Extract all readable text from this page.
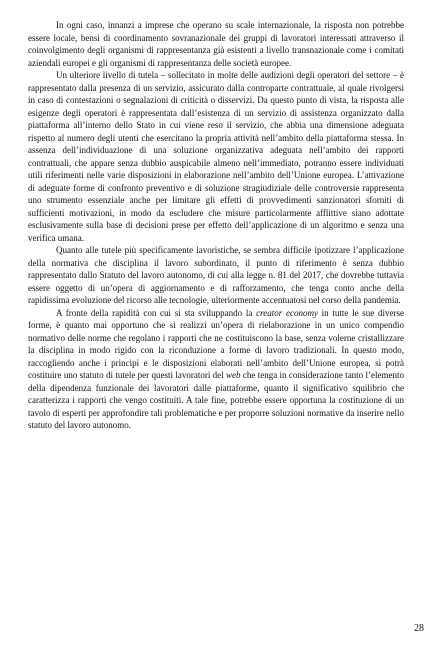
In ogni caso, innanzi a imprese che operano su scale internazionale, la risposta non potrebbe essere locale, bensì di coordinamento sovranazionale dei gruppi di lavoratori interessati attraverso il coinvolgimento degli organismi di rappresentanza già esistenti a livello transnazionale come i comitati aziendali europei e gli organismi di rappresentanza delle società europee.

Un ulteriore livello di tutela – sollecitato in molte delle audizioni degli operatori del settore – è rappresentato dalla presenza di un servizio, assicurato dalla controparte contrattuale, al quale rivolgersi in caso di contestazioni o segnalazioni di criticità o disservizi. Da questo punto di vista, la risposta alle esigenze degli operatori è rappresentata dall’esistenza di un servizio di assistenza organizzato dalla piattaforma all’interno dello Stato in cui viene reso il servizio, che abbia una dimensione adeguata rispetto al numero degli utenti che esercitano la propria attività nell’ambito della piattaforma stessa. In assenza dell’individuazione di una soluzione organizzativa adeguata nell’ambito dei rapporti contrattuali, che appare senza dubbio auspicabile almeno nell’immediato, potranno essere individuati utili riferimenti nelle varie disposizioni in elaborazione nell’ambito dell’Unione europea. L’attivazione di adeguate forme di confronto preventivo e di soluzione stragiudiziale delle controversie rappresenta uno strumento essenziale anche per limitare gli effetti di provvedimenti sanzionatori sforniti di sufficienti motivazioni, in modo da escludere che misure particolarmente afflittive siano adottate esclusivamente sulla base di decisioni prese per effetto dell’applicazione di un algoritmo e senza una verifica umana.

Quanto alle tutele più specificamente lavoristiche, se sembra difficile ipotizzare l’applicazione della normativa che disciplina il lavoro subordinato, il punto di riferimento è senza dubbio rappresentato dallo Statuto del lavoro autonomo, di cui alla legge n. 81 del 2017, che dovrebbe tuttavia essere oggetto di un’opera di aggiornamento e di rafforzamento, che tenga conto anche della rapidissima evoluzione del ricorso alle tecnologie, ulteriormente accentuatosi nel corso della pandemia.

A fronte della rapidità con cui si sta sviluppando la creator economy in tutte le sue diverse forme, è quanto mai opportuno che si realizzi un’opera di rielaborazione in un unico compendio normativo delle norme che regolano i rapporti che ne costituiscono la base, senza volerne cristallizzare la disciplina in modo rigido con la riconduzione a forme di lavoro tradizionali. In questo modo, raccogliendo anche i principi e le disposizioni elaborati nell’ambito dell’Unione europea, si potrà costituire uno statuto di tutele per questi lavoratori del web che tenga in considerazione tanto l’elemento della dipendenza funzionale dei lavoratori dalle piattaforme, quanto il significativo squilibrio che caratterizza i rapporti che vengo costituiti. A tale fine, potrebbe essere opportuna la costituzione di un tavolo di esperti per approfondire tali problematiche e per proporre soluzioni normative da inserire nello statuto del lavoro autonomo.

28
